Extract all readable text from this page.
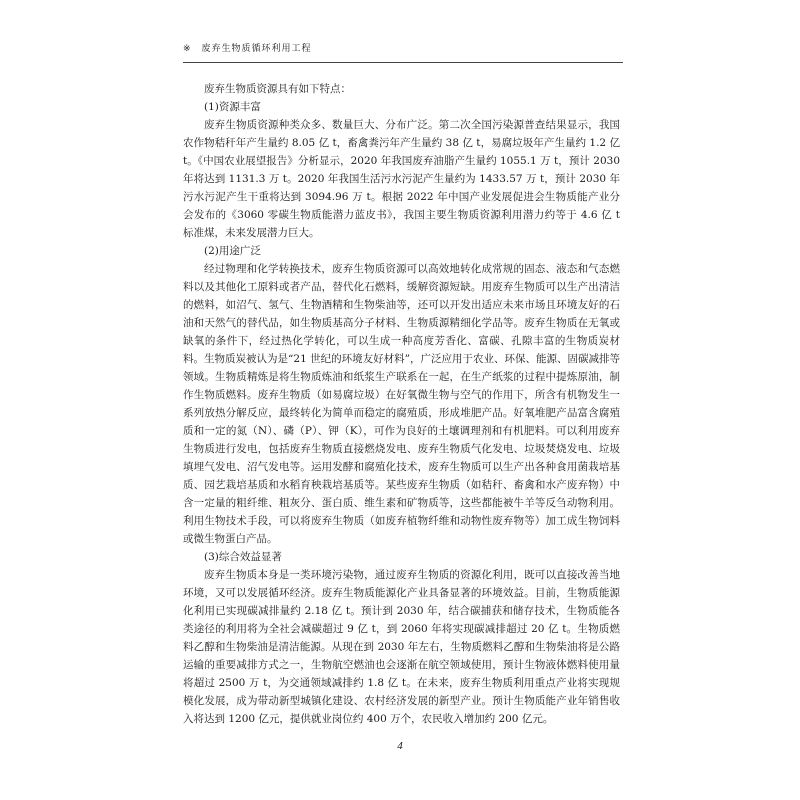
※ 废弃生物质循环利用工程

废弃生物质资源具有如下特点：

(1)资源丰富

废弃生物质资源种类众多、数量巨大、分布广泛。第二次全国污染源普查结果显示，我国农作物秸秆年产生量约 8.05 亿 t，畜禽粪污年产生量约 38 亿 t，易腐垃圾年产生量约 1.2 亿 t。《中国农业展望报告》分析显示，2020 年我国废弃油脂产生量约 1055.1 万 t，预计 2030 年将达到 1131.3 万 t。2020 年我国生活污水污泥产生量约为 1433.57 万 t，预计 2030 年污水污泥产生干重将达到 3094.96 万 t。根据 2022 年中国产业发展促进会生物质能产业分会发布的《3060 零碳生物质能潜力蓝皮书》，我国主要生物质资源利用潜力约等于 4.6 亿 t 标准煤，未来发展潜力巨大。

(2)用途广泛

经过物理和化学转换技术，废弃生物质资源可以高效地转化成常规的固态、液态和气态燃料以及其他化工原料或者产品，替代化石燃料，缓解资源短缺。用废弃生物质可以生产出清洁的燃料，如沼气、氢气、生物酒精和生物柴油等，还可以开发出适应未来市场且环境友好的石油和天然气的替代品，如生物质基高分子材料、生物质源精细化学品等。废弃生物质在无氧或缺氧的条件下，经过热化学转化，可以生成一种高度芳香化、富碳、孔隙丰富的生物质炭材料。生物质炭被认为是“21 世纪的环境友好材料”，广泛应用于农业、环保、能源、固碳减排等领域。生物质精炼是将生物质炼油和纸浆生产联系在一起，在生产纸浆的过程中提炼原油，制作生物质燃料。废弃生物质（如易腐垃圾）在好氧微生物与空气的作用下，所含有机物发生一系列放热分解反应，最终转化为简单而稳定的腐殖质，形成堆肥产品。好氧堆肥产品富含腐殖质和一定的氮（N）、磷（P）、钾（K），可作为良好的土壤调理剂和有机肥料。可以利用废弃生物质进行发电，包括废弃生物质直接燃烧发电、废弃生物质气化发电、垃圾焚烧发电、垃圾填埋气发电、沼气发电等。运用发酵和腐殖化技术，废弃生物质可以生产出各种食用菌栽培基质、园艺栽培基质和水稻育秧栽培基质等。某些废弃生物质（如秸秆、畜禽和水产废弃物）中含一定量的粗纤维、粗灰分、蛋白质、维生素和矿物质等，这些都能被牛羊等反刍动物利用。利用生物技术手段，可以将废弃生物质（如废弃植物纤维和动物性废弃物等）加工成生物饲料或微生物蛋白产品。

(3)综合效益显著

废弃生物质本身是一类环境污染物，通过废弃生物质的资源化利用，既可以直接改善当地环境，又可以发展循环经济。废弃生物质能源化产业具备显著的环境效益。目前，生物质能源化利用已实现碳减排量约 2.18 亿 t。预计到 2030 年，结合碳捕获和储存技术，生物质能各类途径的利用将为全社会减碳超过 9 亿 t，到 2060 年将实现碳减排超过 20 亿 t。生物质燃料乙醇和生物柴油是清洁能源。从现在到 2030 年左右，生物质燃料乙醇和生物柴油将是公路运输的重要减排方式之一，生物航空燃油也会逐渐在航空领域使用，预计生物液体燃料使用量将超过 2500 万 t，为交通领域减排约 1.8 亿 t。在未来，废弃生物质利用重点产业将实现规模化发展，成为带动新型城镇化建设、农村经济发展的新型产业。预计生物质能产业年销售收入将达到 1200 亿元，提供就业岗位约 400 万个，农民收入增加约 200 亿元。

4
